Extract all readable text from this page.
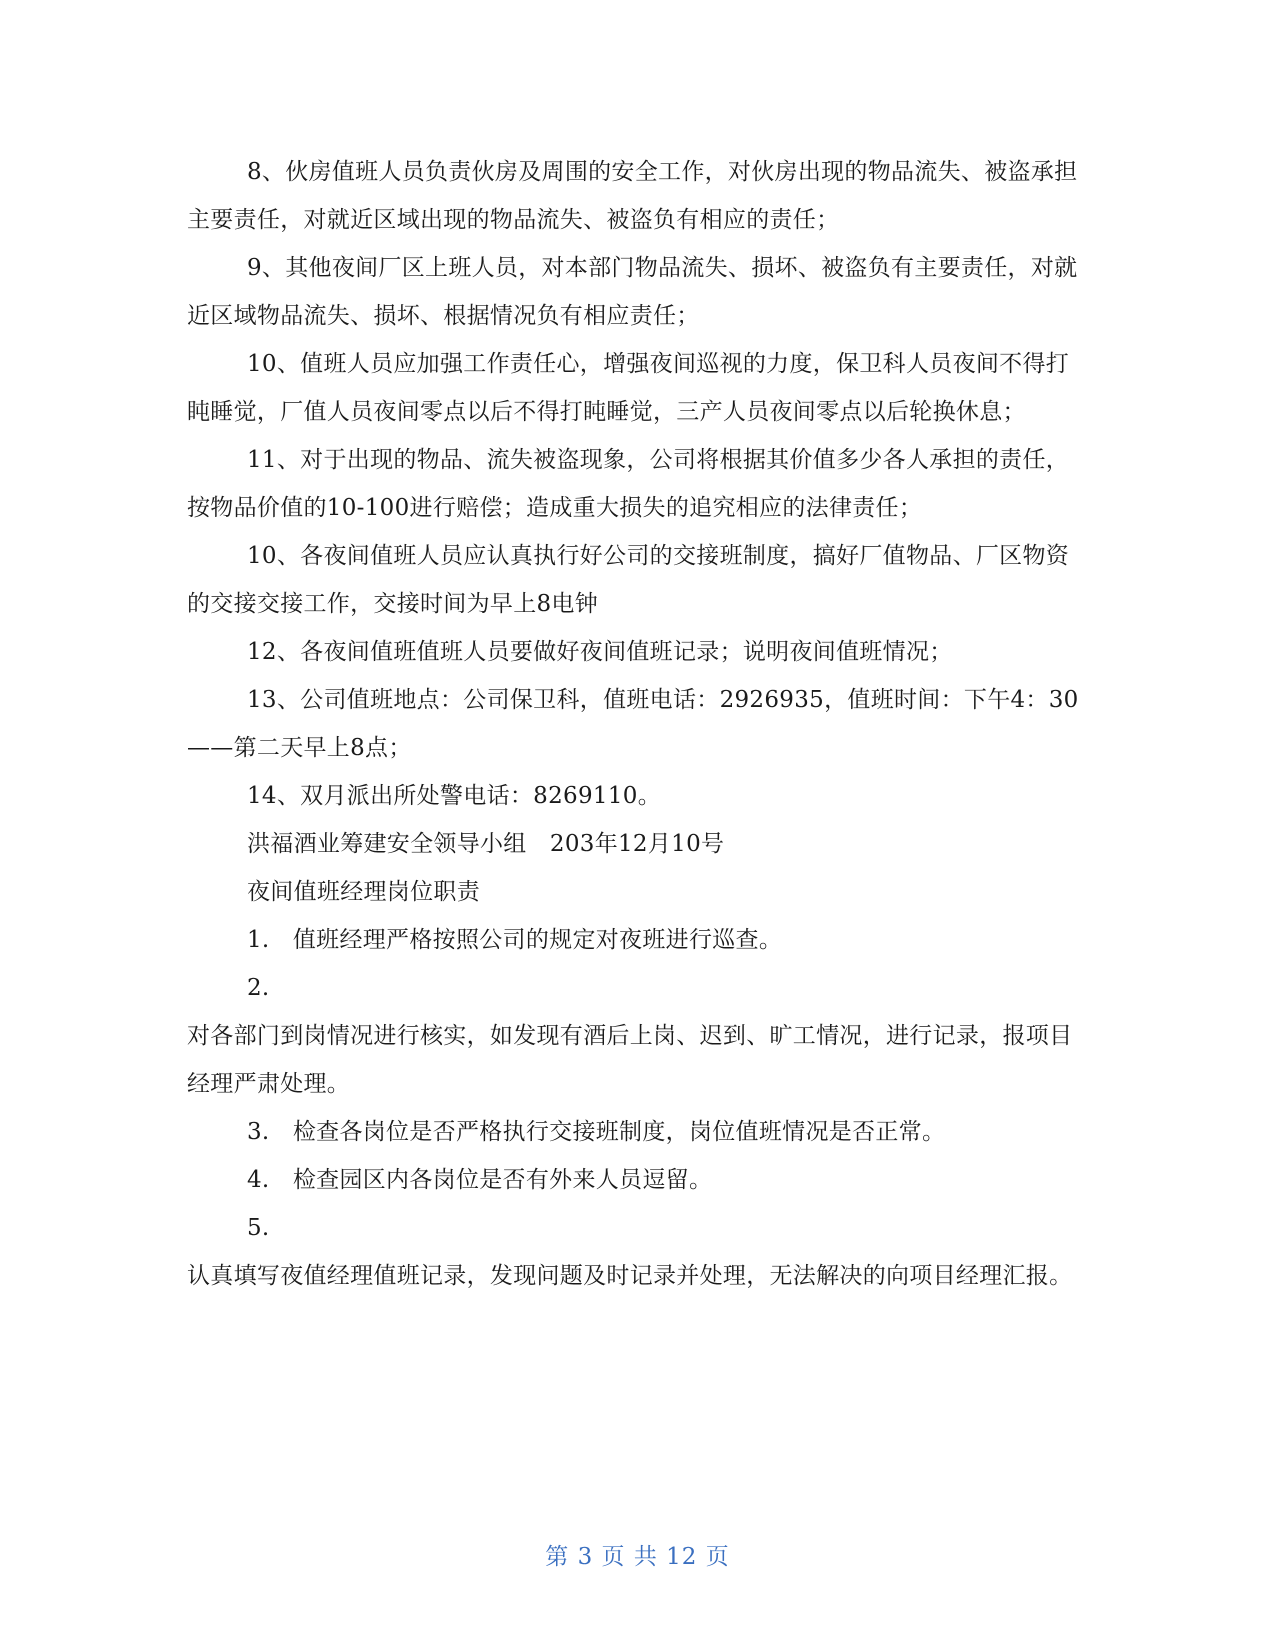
8、伙房值班人员负责伙房及周围的安全工作，对伙房出现的物品流失、被盗承担主要责任，对就近区域出现的物品流失、被盗负有相应的责任；

9、其他夜间厂区上班人员，对本部门物品流失、损坏、被盗负有主要责任，对就近区域物品流失、损坏、根据情况负有相应责任；

10、值班人员应加强工作责任心，增强夜间巡视的力度，保卫科人员夜间不得打盹睡觉，厂值人员夜间零点以后不得打盹睡觉，三产人员夜间零点以后轮换休息；

11、对于出现的物品、流失被盗现象，公司将根据其价值多少各人承担的责任，按物品价值的10-100进行赔偿；造成重大损失的追究相应的法律责任；

10、各夜间值班人员应认真执行好公司的交接班制度，搞好厂值物品、厂区物资的交接交接工作，交接时间为早上8电钟

12、各夜间值班值班人员要做好夜间值班记录；说明夜间值班情况；

13、公司值班地点：公司保卫科，值班电话：2926935，值班时间：下午4：30——第二天早上8点；

14、双月派出所处警电话：8269110。

洪福酒业筹建安全领导小组　203年12月10号

夜间值班经理岗位职责

1.　值班经理严格按照公司的规定对夜班进行巡查。

2.

对各部门到岗情况进行核实，如发现有酒后上岗、迟到、旷工情况，进行记录，报项目经理严肃处理。

3.　检查各岗位是否严格执行交接班制度，岗位值班情况是否正常。

4.　检查园区内各岗位是否有外来人员逗留。

5.

认真填写夜值经理值班记录，发现问题及时记录并处理，无法解决的向项目经理汇报。

第 3 页 共 12 页
